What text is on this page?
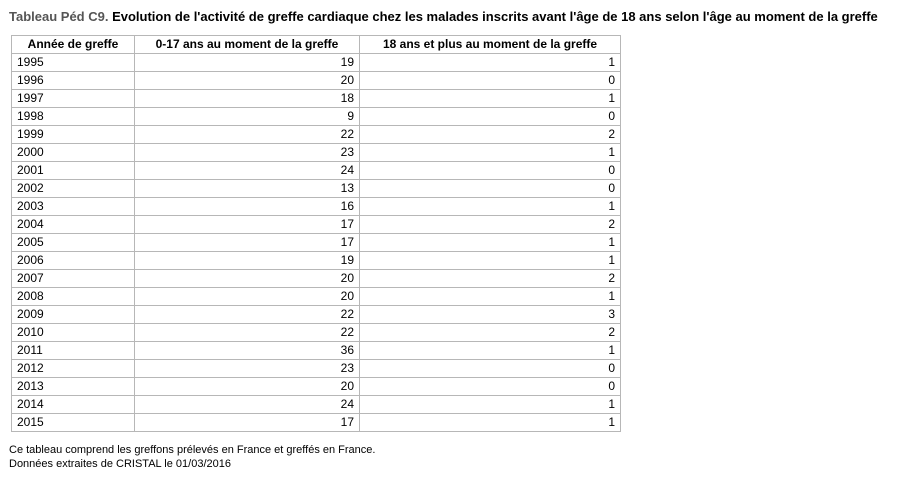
Tableau Péd C9. Evolution de l'activité de greffe cardiaque chez les malades inscrits avant l'âge de 18 ans selon l'âge au moment de la greffe
Année de greffe	0-17 ans au moment de la greffe	18 ans et plus au moment de la greffe
1995	19	1
1996	20	0
1997	18	1
1998	9	0
1999	22	2
2000	23	1
2001	24	0
2002	13	0
2003	16	1
2004	17	2
2005	17	1
2006	19	1
2007	20	2
2008	20	1
2009	22	3
2010	22	2
2011	36	1
2012	23	0
2013	20	0
2014	24	1
2015	17	1
Ce tableau comprend les greffons prélevés en France et greffés en France.
Données extraites de CRISTAL le 01/03/2016
